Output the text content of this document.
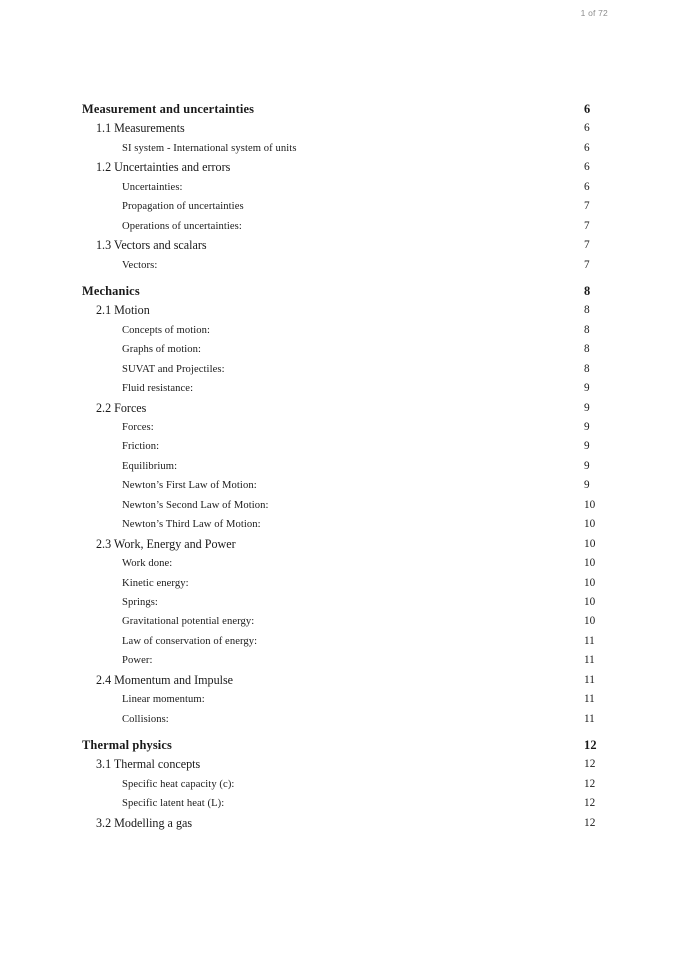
1 of 72
Measurement and uncertainties	6
1.1 Measurements	6
SI system - International system of units	6
1.2 Uncertainties and errors	6
Uncertainties:	6
Propagation of uncertainties	7
Operations of uncertainties:	7
1.3 Vectors and scalars	7
Vectors:	7
Mechanics	8
2.1 Motion	8
Concepts of motion:	8
Graphs of motion:	8
SUVAT and Projectiles:	8
Fluid resistance:	9
2.2 Forces	9
Forces:	9
Friction:	9
Equilibrium:	9
Newton’s First Law of Motion:	9
Newton’s Second Law of Motion:	10
Newton’s Third Law of Motion:	10
2.3 Work, Energy and Power	10
Work done:	10
Kinetic energy:	10
Springs:	10
Gravitational potential energy:	10
Law of conservation of energy:	11
Power:	11
2.4 Momentum and Impulse	11
Linear momentum:	11
Collisions:	11
Thermal physics	12
3.1 Thermal concepts	12
Specific heat capacity (c):	12
Specific latent heat (L):	12
3.2 Modelling a gas	12
